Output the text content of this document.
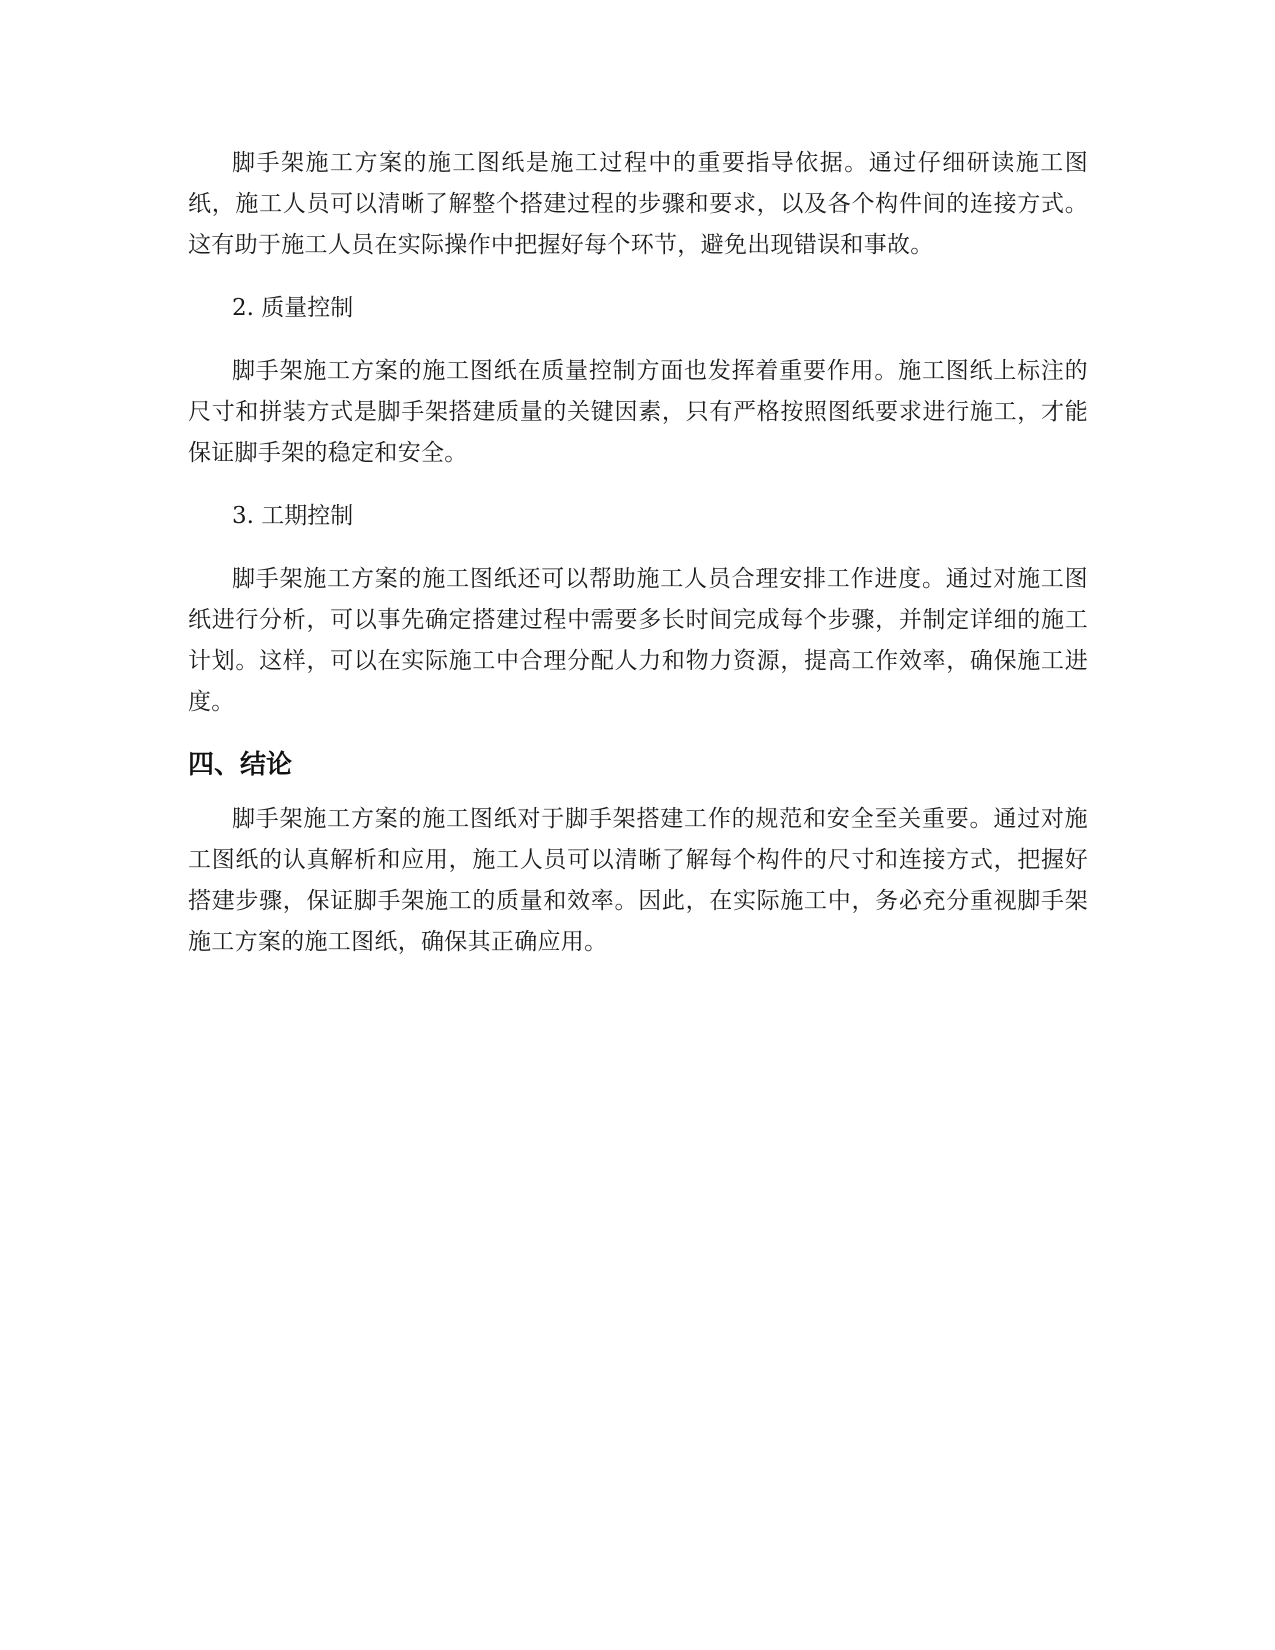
脚手架施工方案的施工图纸是施工过程中的重要指导依据。通过仔细研读施工图纸，施工人员可以清晰了解整个搭建过程的步骤和要求，以及各个构件间的连接方式。这有助于施工人员在实际操作中把握好每个环节，避免出现错误和事故。

2. 质量控制

脚手架施工方案的施工图纸在质量控制方面也发挥着重要作用。施工图纸上标注的尺寸和拼装方式是脚手架搭建质量的关键因素，只有严格按照图纸要求进行施工，才能保证脚手架的稳定和安全。

3. 工期控制

脚手架施工方案的施工图纸还可以帮助施工人员合理安排工作进度。通过对施工图纸进行分析，可以事先确定搭建过程中需要多长时间完成每个步骤，并制定详细的施工计划。这样，可以在实际施工中合理分配人力和物力资源，提高工作效率，确保施工进度。

四、结论

脚手架施工方案的施工图纸对于脚手架搭建工作的规范和安全至关重要。通过对施工图纸的认真解析和应用，施工人员可以清晰了解每个构件的尺寸和连接方式，把握好搭建步骤，保证脚手架施工的质量和效率。因此，在实际施工中，务必充分重视脚手架施工方案的施工图纸，确保其正确应用。
